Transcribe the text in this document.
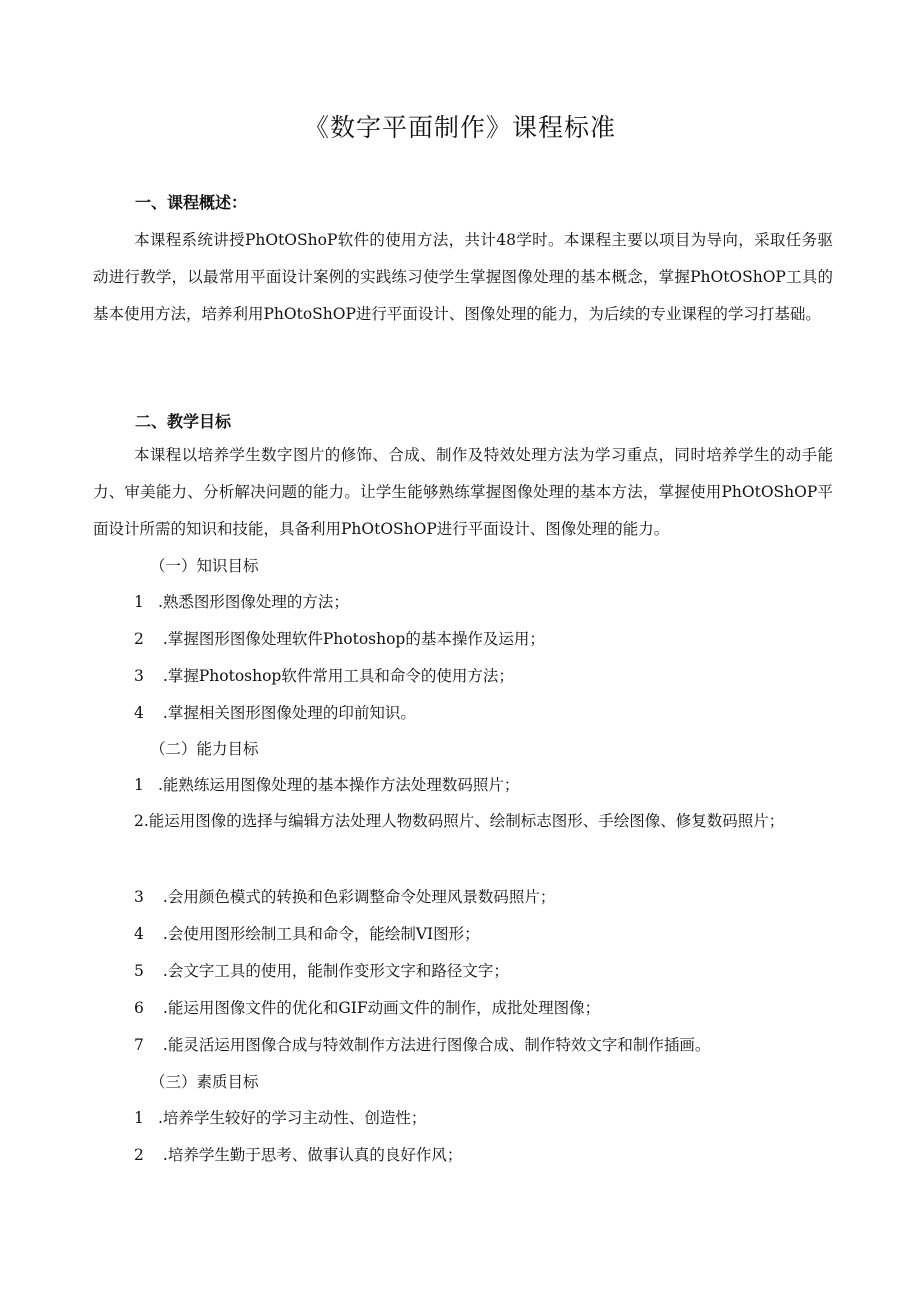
《数字平面制作》课程标准
一、课程概述：

本课程系统讲授PhOtOShoP软件的使用方法，共计48学时。本课程主要以项目为导向，采取任务驱动进行教学，以最常用平面设计案例的实践练习使学生掌握图像处理的基本概念，掌握PhOtOShOP工具的基本使用方法，培养利用PhOtoShOP进行平面设计、图像处理的能力，为后续的专业课程的学习打基础。

二、教学目标

本课程以培养学生数字图片的修饰、合成、制作及特效处理方法为学习重点，同时培养学生的动手能力、审美能力、分析解决问题的能力。让学生能够熟练掌握图像处理的基本方法，掌握使用PhOtOShOP平面设计所需的知识和技能，具备利用PhOtOShOP进行平面设计、图像处理的能力。

（一）知识目标
1 .熟悉图形图像处理的方法；
2 .掌握图形图像处理软件Photoshop的基本操作及运用；
3 .掌握Photoshop软件常用工具和命令的使用方法；
4 .掌握相关图形图像处理的印前知识。
（二）能力目标
1 .能熟练运用图像处理的基本操作方法处理数码照片；

2.能运用图像的选择与编辑方法处理人物数码照片、绘制标志图形、手绘图像、修复数码照片；

3 .会用颜色模式的转换和色彩调整命令处理风景数码照片；
4 .会使用图形绘制工具和命令，能绘制VI图形；
5 .会文字工具的使用，能制作变形文字和路径文字；
6 .能运用图像文件的优化和GIF动画文件的制作，成批处理图像；
7 .能灵活运用图像合成与特效制作方法进行图像合成、制作特效文字和制作插画。
（三）素质目标
1 .培养学生较好的学习主动性、创造性；
2 .培养学生勤于思考、做事认真的良好作风；
